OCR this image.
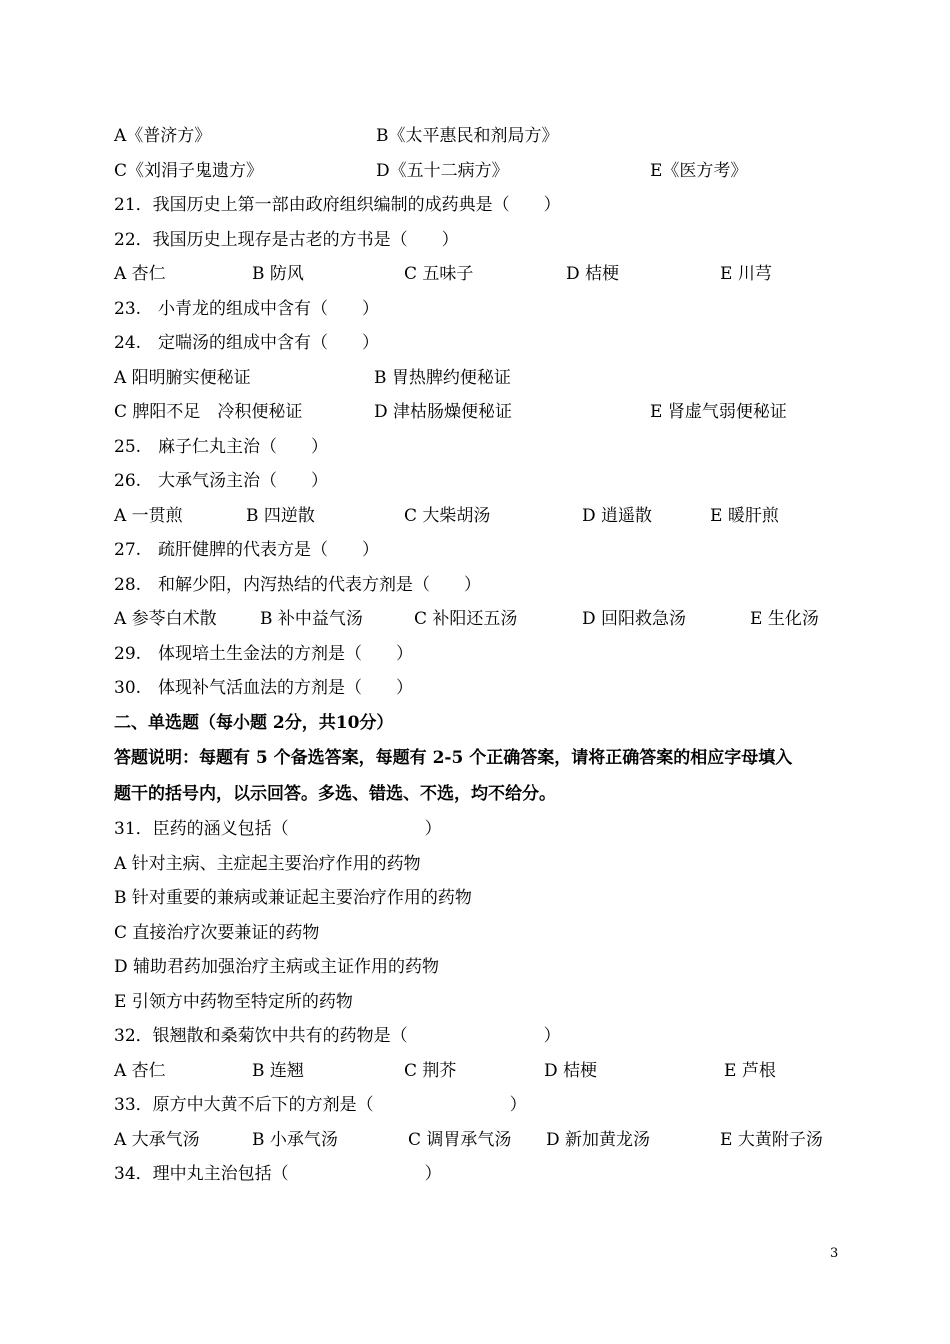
A《普济方》	B《太平惠民和剂局方》
C《刘涓子鬼遗方》	D《五十二病方》	E《医方考》
21．我国历史上第一部由政府组织编制的成药典是（　　）
22．我国历史上现存是古老的方书是（　　）
A 杏仁	B 防风	C 五味子	D 桔梗	E 川芎
23.　小青龙的组成中含有（　　）
24.　定喘汤的组成中含有（　　）
A 阳明腑实便秘证	B 胃热脾约便秘证
C 脾阳不足　冷积便秘证	D 津枯肠燥便秘证	E 肾虚气弱便秘证
25.　麻子仁丸主治（　　）
26.　大承气汤主治（　　）
A 一贯煎	B 四逆散	C 大柴胡汤	D 逍遥散	E 暖肝煎
27.　疏肝健脾的代表方是（　　）
28.　和解少阳，内泻热结的代表方剂是（　　）
A 参苓白术散	B 补中益气汤	C 补阳还五汤	D 回阳救急汤	E 生化汤
29.　体现培土生金法的方剂是（　　）
30.　体现补气活血法的方剂是（　　）
二、单选题（每小题 2分，共10分）
答题说明：每题有 5 个备选答案，每题有 2-5 个正确答案，请将正确答案的相应字母填入
题干的括号内，以示回答。多选、错选、不选，均不给分。
31．臣药的涵义包括（　　　　　　　　）
A 针对主病、主症起主要治疗作用的药物
B 针对重要的兼病或兼证起主要治疗作用的药物
C 直接治疗次要兼证的药物
D 辅助君药加强治疗主病或主证作用的药物
E 引领方中药物至特定所的药物
32．银翘散和桑菊饮中共有的药物是（　　　　　　　　）
A 杏仁	B 连翘	C 荆芥	D 桔梗	E 芦根
33．原方中大黄不后下的方剂是（　　　　　　　　）
A 大承气汤	B 小承气汤	C 调胃承气汤 D 新加黄龙汤	E 大黄附子汤
34．理中丸主治包括（　　　　　　　　）
3
